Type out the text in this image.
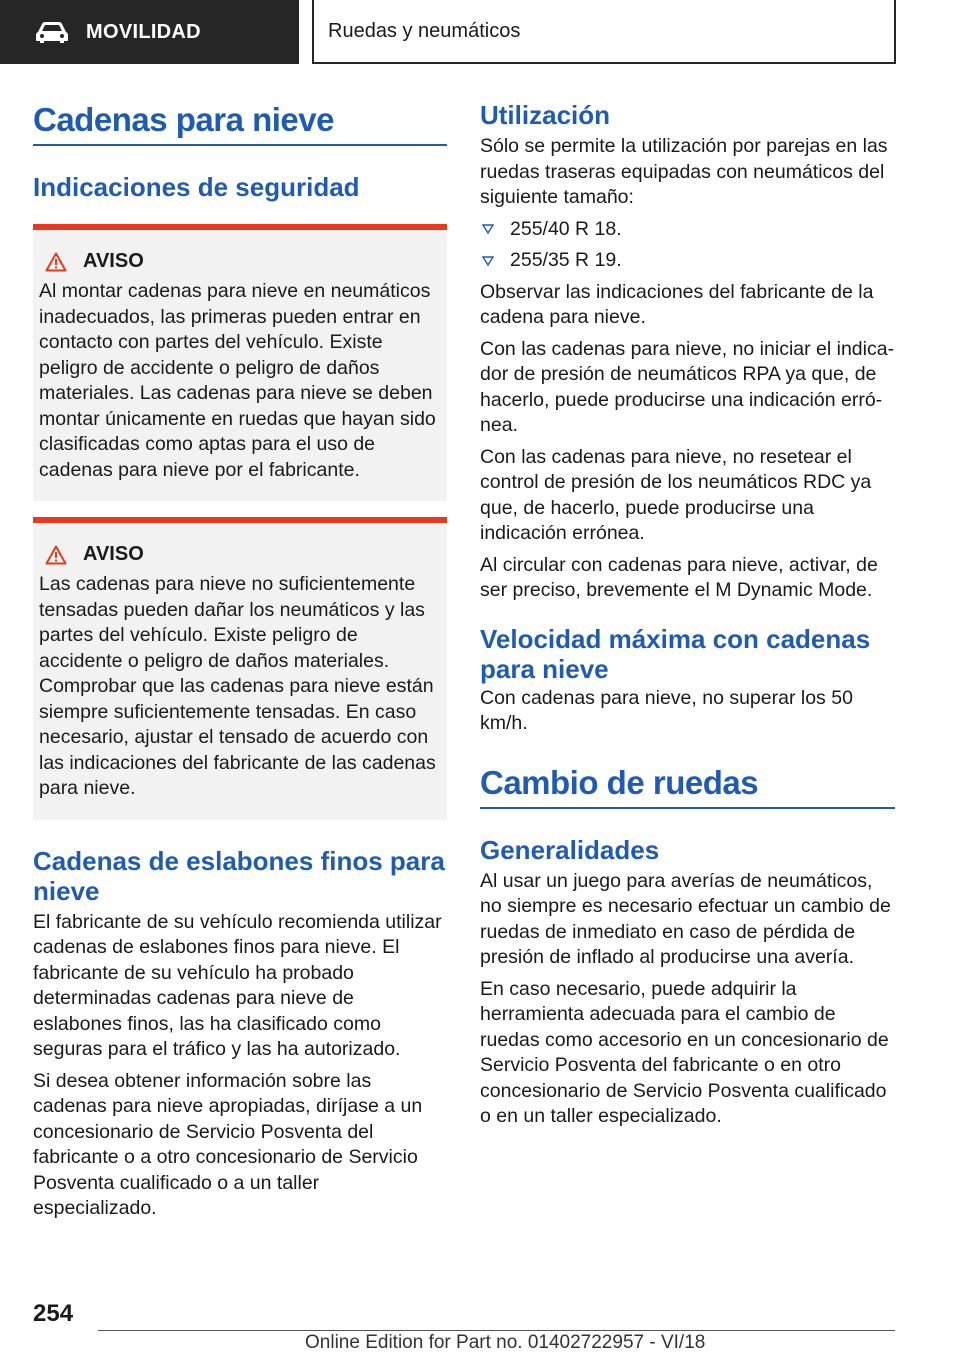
MOVILIDAD	Ruedas y neumáticos
Cadenas para nieve
Indicaciones de seguridad
AVISO

Al montar cadenas para nieve en neumáticos inadecuados, las primeras pueden entrar en contacto con partes del vehículo. Existe peligro de accidente o peligro de daños materiales. Las cadenas para nieve se deben montar únicamente en ruedas que hayan sido clasificadas como aptas para el uso de cadenas para nieve por el fabricante.

AVISO

Las cadenas para nieve no suficientemente tensadas pueden dañar los neumáticos y las partes del vehículo. Existe peligro de accidente o peligro de daños materiales. Comprobar que las cadenas para nieve están siempre suficientemente tensadas. En caso necesario, ajustar el tensado de acuerdo con las indicaciones del fabricante de las cadenas para nieve.

Cadenas de eslabones finos para nieve

El fabricante de su vehículo recomienda utilizar cadenas de eslabones finos para nieve. El fabricante de su vehículo ha probado determinadas cadenas para nieve de eslabones finos, las ha clasificado como seguras para el tráfico y las ha autorizado.

Si desea obtener información sobre las cadenas para nieve apropiadas, diríjase a un concesionario de Servicio Posventa del fabricante o a otro concesionario de Servicio Posventa cualificado o a un taller especializado.

Utilización

Sólo se permite la utilización por parejas en las ruedas traseras equipadas con neumáticos del siguiente tamaño:

255/40 R 18.
255/35 R 19.

Observar las indicaciones del fabricante de la cadena para nieve.

Con las cadenas para nieve, no iniciar el indicador de presión de neumáticos RPA ya que, de hacerlo, puede producirse una indicación errónea.

Con las cadenas para nieve, no resetear el control de presión de los neumáticos RDC ya que, de hacerlo, puede producirse una indicación errónea.

Al circular con cadenas para nieve, activar, de ser preciso, brevemente el M Dynamic Mode.

Velocidad máxima con cadenas para nieve

Con cadenas para nieve, no superar los 50 km/h.

Cambio de ruedas
Generalidades

Al usar un juego para averías de neumáticos, no siempre es necesario efectuar un cambio de ruedas de inmediato en caso de pérdida de presión de inflado al producirse una avería.

En caso necesario, puede adquirir la herramienta adecuada para el cambio de ruedas como accesorio en un concesionario de Servicio Posventa del fabricante o en otro concesionario de Servicio Posventa cualificado o en un taller especializado.

254
Online Edition for Part no. 01402722957 - VI/18
